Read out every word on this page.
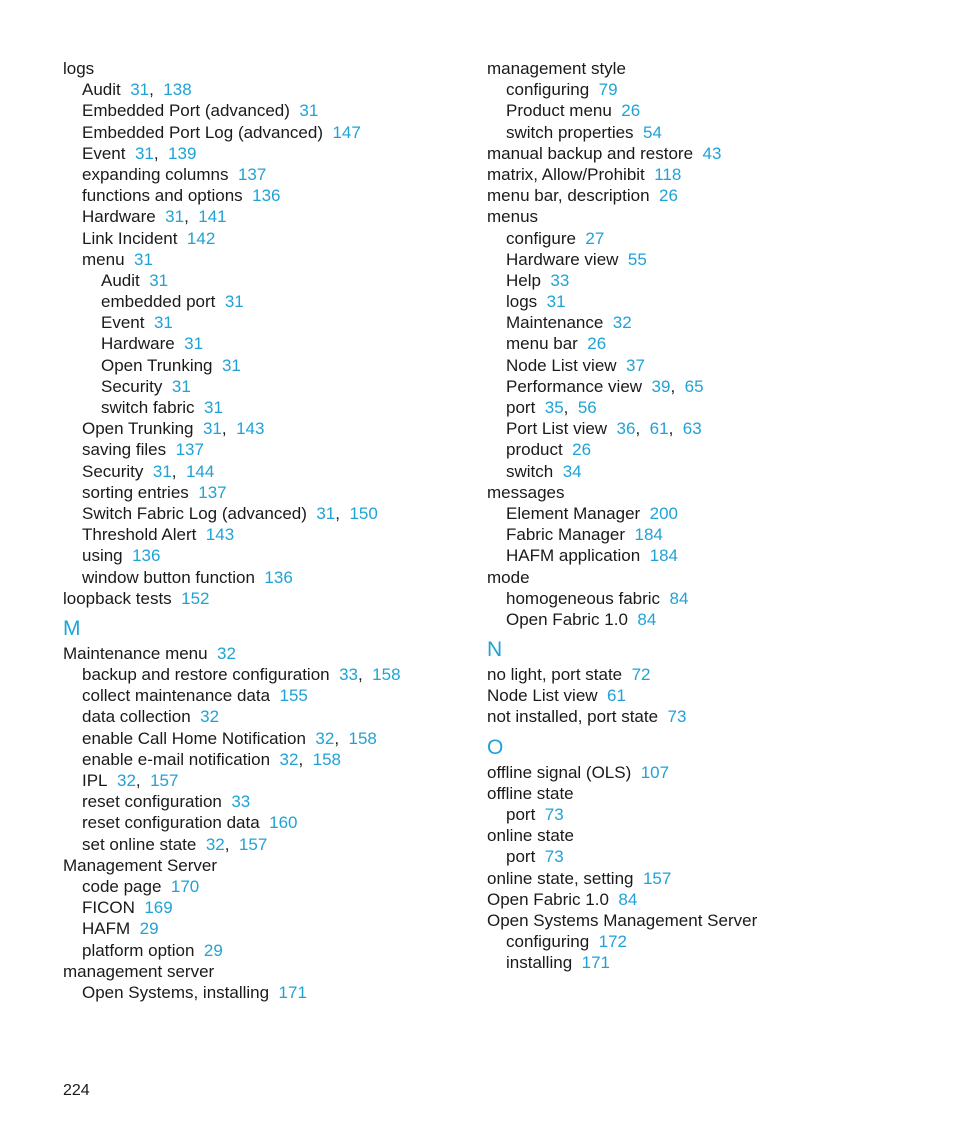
logs
Audit 31,  138
Embedded Port (advanced) 31
Embedded Port Log (advanced) 147
Event 31,  139
expanding columns 137
functions and options 136
Hardware 31,  141
Link Incident 142
menu 31
Audit 31
embedded port 31
Event 31
Hardware 31
Open Trunking 31
Security 31
switch fabric 31
Open Trunking 31,  143
saving files 137
Security 31,  144
sorting entries 137
Switch Fabric Log (advanced) 31,  150
Threshold Alert 143
using 136
window button function 136
loopback tests 152
M
Maintenance menu 32
backup and restore configuration 33,  158
collect maintenance data 155
data collection 32
enable Call Home Notification 32,  158
enable e-mail notification 32,  158
IPL 32,  157
reset configuration 33
reset configuration data 160
set online state 32,  157
Management Server
code page 170
FICON 169
HAFM 29
platform option 29
management server
Open Systems, installing 171
management style
configuring 79
Product menu 26
switch properties 54
manual backup and restore 43
matrix, Allow/Prohibit 118
menu bar, description 26
menus
configure 27
Hardware view 55
Help 33
logs 31
Maintenance 32
menu bar 26
Node List view 37
Performance view 39,  65
port 35,  56
Port List view 36,  61,  63
product 26
switch 34
messages
Element Manager 200
Fabric Manager 184
HAFM application 184
mode
homogeneous fabric 84
Open Fabric 1.0 84
N
no light, port state 72
Node List view 61
not installed, port state 73
O
offline signal (OLS) 107
offline state
port 73
online state
port 73
online state, setting 157
Open Fabric 1.0 84
Open Systems Management Server
configuring 172
installing 171
224
